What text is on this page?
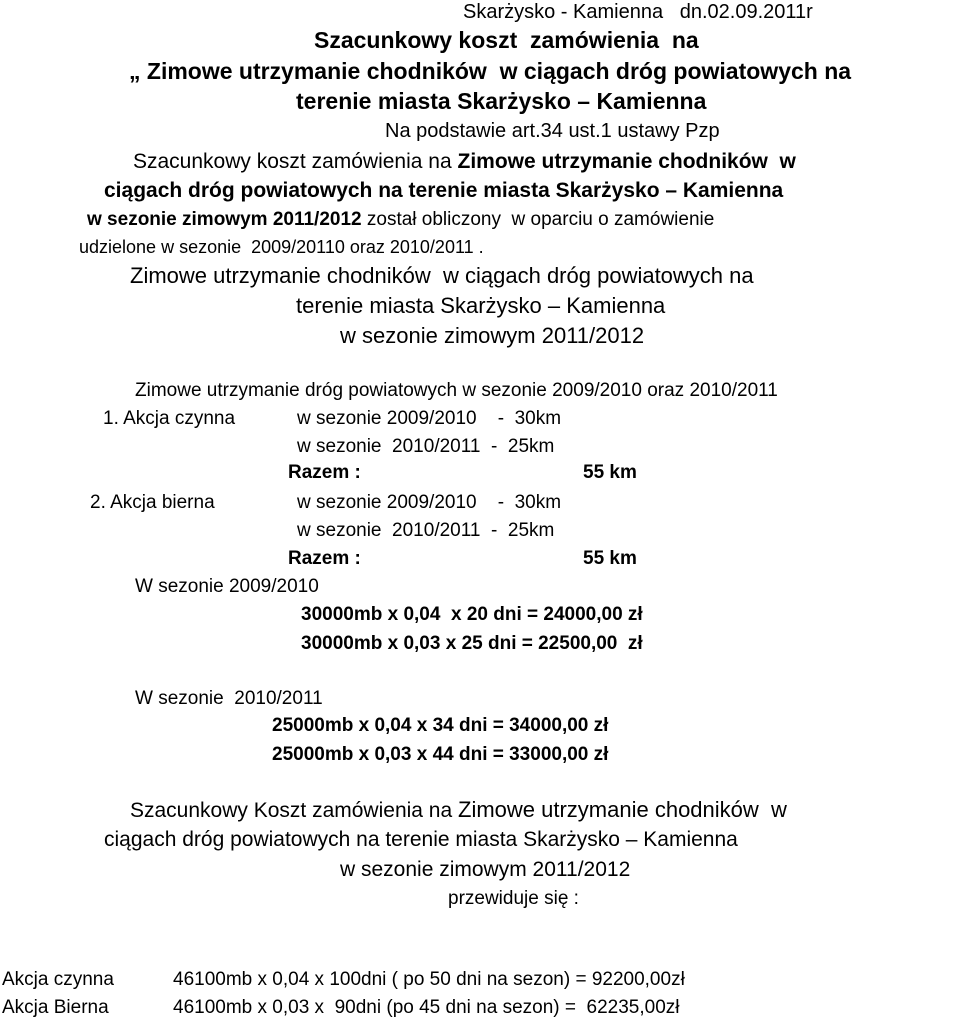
Skarżysko - Kamienna   dn.02.09.2011r
Szacunkowy koszt  zamówienia  na
„ Zimowe utrzymanie chodników  w ciągach dróg powiatowych na
terenie miasta Skarżysko – Kamienna
Na podstawie art.34 ust.1 ustawy Pzp
Szacunkowy koszt zamówienia na Zimowe utrzymanie chodników  w
ciągach dróg powiatowych na terenie miasta Skarżysko – Kamienna
w sezonie zimowym 2011/2012 został obliczony  w oparciu o zamówienie
udzielone w sezonie  2009/20110 oraz 2010/2011 .
Zimowe utrzymanie chodników  w ciągach dróg powiatowych na
terenie miasta Skarżysko – Kamienna
w sezonie zimowym 2011/2012
Zimowe utrzymanie dróg powiatowych w sezonie 2009/2010 oraz 2010/2011
1. Akcja czynna	w sezonie 2009/2010    -  30km
w sezonie  2010/2011  -  25km
Razem :	55 km
2. Akcja bierna	w sezonie 2009/2010    -  30km
w sezonie  2010/2011  -  25km
Razem :	55 km
W sezonie 2009/2010
30000mb x 0,04  x 20 dni = 24000,00 zł
30000mb x 0,03 x 25 dni = 22500,00  zł
W sezonie  2010/2011
25000mb x 0,04 x 34 dni = 34000,00 zł
25000mb x 0,03 x 44 dni = 33000,00 zł
Szacunkowy Koszt zamówienia na Zimowe utrzymanie chodników  w
ciągach dróg powiatowych na terenie miasta Skarżysko – Kamienna
w sezonie zimowym 2011/2012
przewiduje się :
Akcja czynna	46100mb x 0,04 x 100dni ( po 50 dni na sezon) = 92200,00zł
Akcja Bierna	46100mb x 0,03 x  90dni (po 45 dni na sezon) =  62235,00zł
